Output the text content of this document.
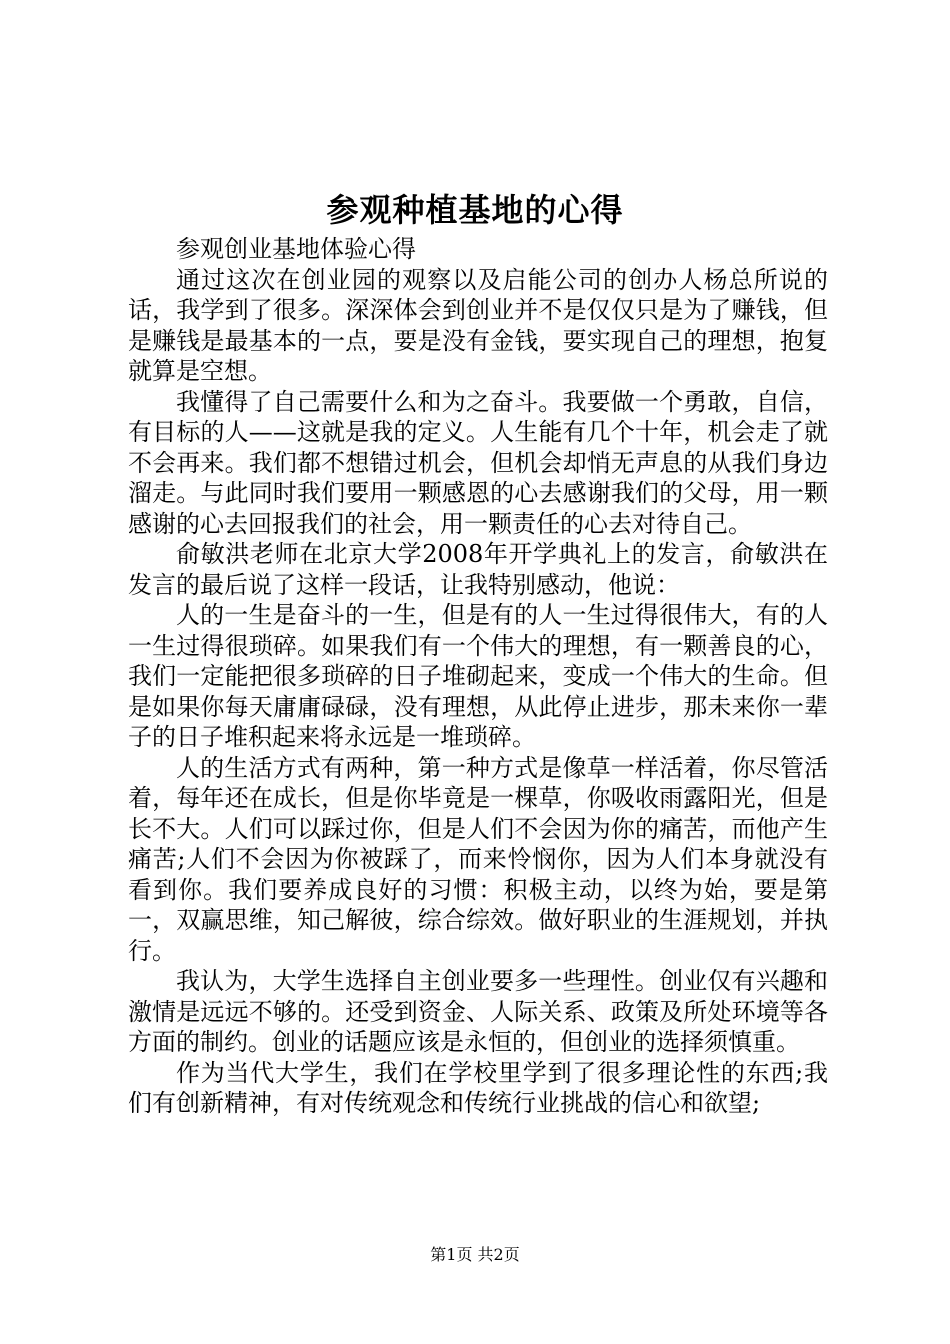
参观种植基地的心得

参观创业基地体验心得

通过这次在创业园的观察以及启能公司的创办人杨总所说的话，我学到了很多。深深体会到创业并不是仅仅只是为了赚钱，但是赚钱是最基本的一点，要是没有金钱，要实现自己的理想，抱复就算是空想。

我懂得了自己需要什么和为之奋斗。我要做一个勇敢，自信，有目标的人——这就是我的定义。人生能有几个十年，机会走了就不会再来。我们都不想错过机会，但机会却悄无声息的从我们身边溜走。与此同时我们要用一颗感恩的心去感谢我们的父母，用一颗感谢的心去回报我们的社会，用一颗责任的心去对待自己。

俞敏洪老师在北京大学2008年开学典礼上的发言，俞敏洪在发言的最后说了这样一段话，让我特别感动，他说：

人的一生是奋斗的一生，但是有的人一生过得很伟大，有的人一生过得很琐碎。如果我们有一个伟大的理想，有一颗善良的心，我们一定能把很多琐碎的日子堆砌起来，变成一个伟大的生命。但是如果你每天庸庸碌碌，没有理想，从此停止进步，那未来你一辈子的日子堆积起来将永远是一堆琐碎。

人的生活方式有两种，第一种方式是像草一样活着，你尽管活着，每年还在成长，但是你毕竟是一棵草，你吸收雨露阳光，但是长不大。人们可以踩过你，但是人们不会因为你的痛苦，而他产生痛苦;人们不会因为你被踩了，而来怜悯你，因为人们本身就没有看到你。我们要养成良好的习惯：积极主动，以终为始，要是第一，双赢思维，知己解彼，综合综效。做好职业的生涯规划，并执行。

我认为，大学生选择自主创业要多一些理性。创业仅有兴趣和激情是远远不够的。还受到资金、人际关系、政策及所处环境等各方面的制约。创业的话题应该是永恒的，但创业的选择须慎重。

作为当代大学生，我们在学校里学到了很多理论性的东西;我们有创新精神，有对传统观念和传统行业挑战的信心和欲望;

第1页 共2页
